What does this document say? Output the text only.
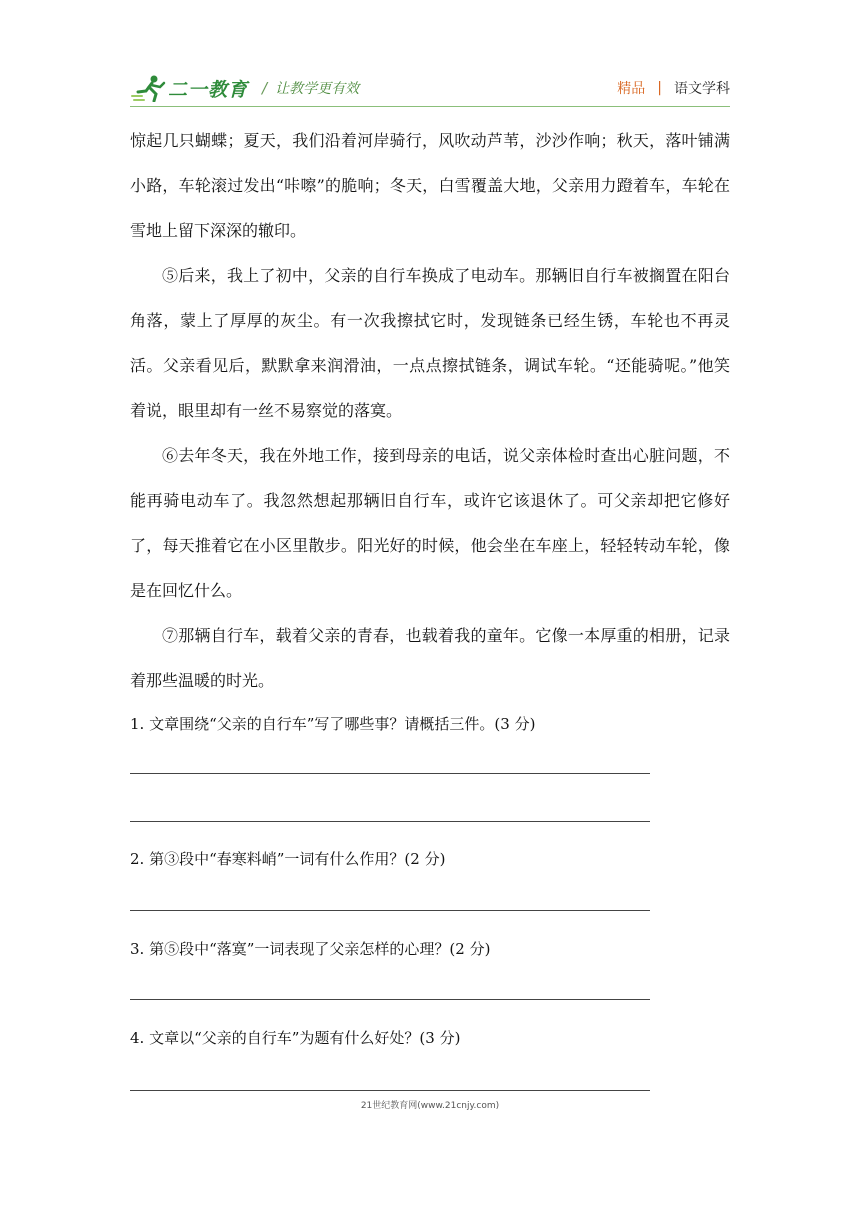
二一教育 / 让教学更有效	精品 | 语文学科

惊起几只蝴蝶；夏天，我们沿着河岸骑行，风吹动芦苇，沙沙作响；秋天，落叶铺满小路，车轮滚过发出“咔嚓”的脆响；冬天，白雪覆盖大地，父亲用力蹬着车，车轮在雪地上留下深深的辙印。

⑤后来，我上了初中，父亲的自行车换成了电动车。那辆旧自行车被搁置在阳台角落，蒙上了厚厚的灰尘。有一次我擦拭它时，发现链条已经生锈，车轮也不再灵活。父亲看见后，默默拿来润滑油，一点点擦拭链条，调试车轮。“还能骑呢。”他笑着说，眼里却有一丝不易察觉的落寞。

⑥去年冬天，我在外地工作，接到母亲的电话，说父亲体检时查出心脏问题，不能再骑电动车了。我忽然想起那辆旧自行车，或许它该退休了。可父亲却把它修好了，每天推着它在小区里散步。阳光好的时候，他会坐在车座上，轻轻转动车轮，像是在回忆什么。

⑦那辆自行车，载着父亲的青春，也载着我的童年。它像一本厚重的相册，记录着那些温暖的时光。

1. 文章围绕“父亲的自行车”写了哪些事？请概括三件。(3 分)
2. 第③段中“春寒料峭”一词有什么作用？(2 分)
3. 第⑤段中“落寞”一词表现了父亲怎样的心理？(2 分)
4. 文章以“父亲的自行车”为题有什么好处？(3 分)
21世纪教育网(www.21cnjy.com)
